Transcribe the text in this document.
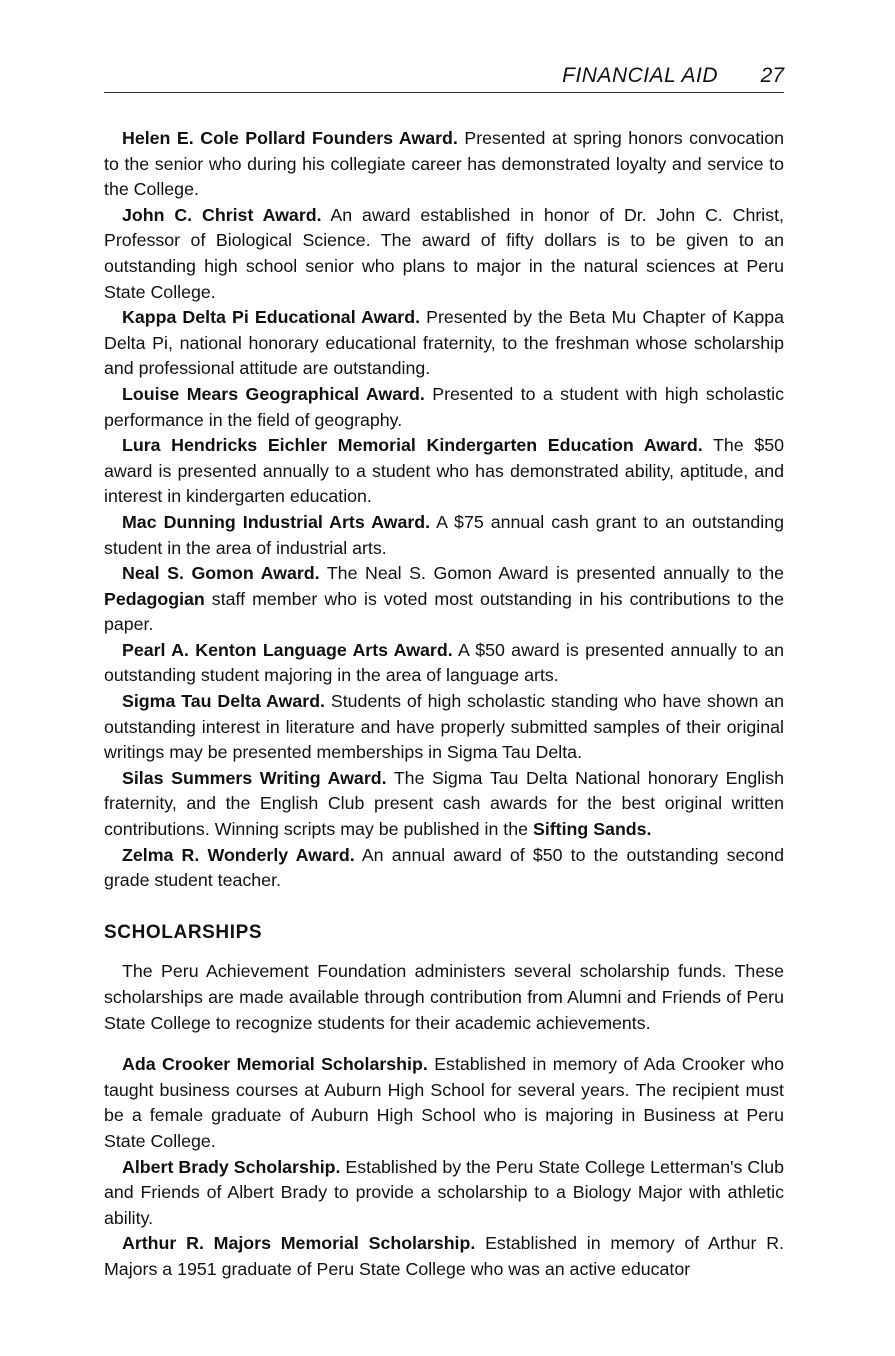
FINANCIAL AID 27

Helen E. Cole Pollard Founders Award. Presented at spring honors convocation to the senior who during his collegiate career has demonstrated loyalty and service to the College.

John C. Christ Award. An award established in honor of Dr. John C. Christ, Professor of Biological Science. The award of fifty dollars is to be given to an outstanding high school senior who plans to major in the natural sciences at Peru State College.

Kappa Delta Pi Educational Award. Presented by the Beta Mu Chapter of Kappa Delta Pi, national honorary educational fraternity, to the freshman whose scholarship and professional attitude are outstanding.

Louise Mears Geographical Award. Presented to a student with high scholastic performance in the field of geography.

Lura Hendricks Eichler Memorial Kindergarten Education Award. The $50 award is presented annually to a student who has demonstrated ability, aptitude, and interest in kindergarten education.

Mac Dunning Industrial Arts Award. A $75 annual cash grant to an outstanding student in the area of industrial arts.

Neal S. Gomon Award. The Neal S. Gomon Award is presented annually to the Pedagogian staff member who is voted most outstanding in his contributions to the paper.

Pearl A. Kenton Language Arts Award. A $50 award is presented annually to an outstanding student majoring in the area of language arts.

Sigma Tau Delta Award. Students of high scholastic standing who have shown an outstanding interest in literature and have properly submitted samples of their original writings may be presented memberships in Sigma Tau Delta.

Silas Summers Writing Award. The Sigma Tau Delta National honorary English fraternity, and the English Club present cash awards for the best original written contributions. Winning scripts may be published in the Sifting Sands.

Zelma R. Wonderly Award. An annual award of $50 to the outstanding second grade student teacher.

SCHOLARSHIPS

The Peru Achievement Foundation administers several scholarship funds. These scholarships are made available through contribution from Alumni and Friends of Peru State College to recognize students for their academic achievements.

Ada Crooker Memorial Scholarship. Established in memory of Ada Crooker who taught business courses at Auburn High School for several years. The recipient must be a female graduate of Auburn High School who is majoring in Business at Peru State College.

Albert Brady Scholarship. Established by the Peru State College Letterman's Club and Friends of Albert Brady to provide a scholarship to a Biology Major with athletic ability.

Arthur R. Majors Memorial Scholarship. Established in memory of Arthur R. Majors a 1951 graduate of Peru State College who was an active educator
